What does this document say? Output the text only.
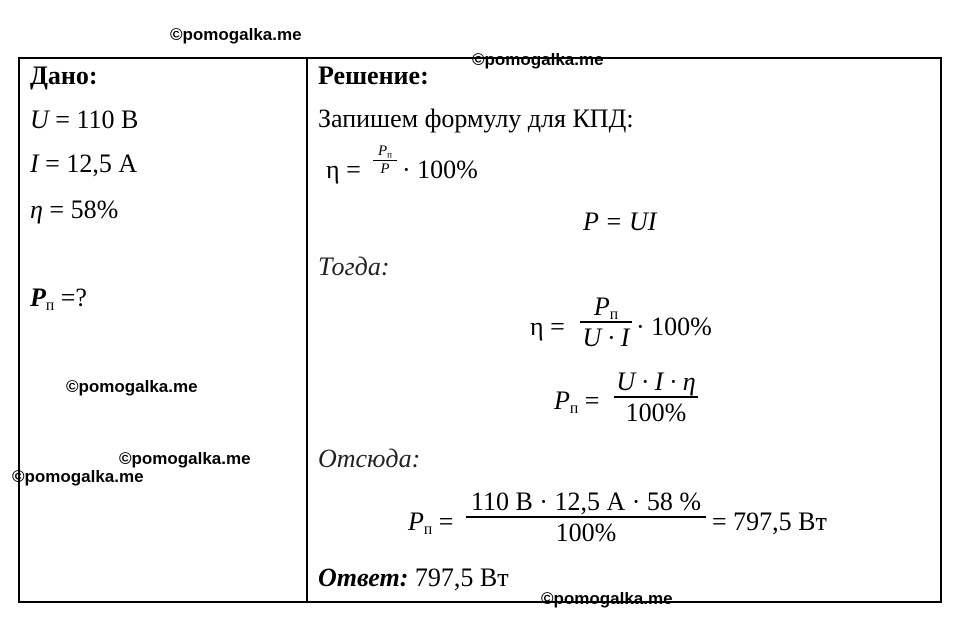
©pomogalka.me
©pomogalka.me
©pomogalka.me
©pomogalka.me
©pomogalka.me
©pomogalka.me
Дано:
U = 110 В
I = 12,5 А
η = 58%
$P_п$ =?
Решение:
Запишем формулу для КПД:
η =
$P_п$
P · 100%
P = UI
Тогда:
η =
$P_п$
U · I · 100%
$P_п$ =
U · I · η
100%
Отсюда:
$P_п$ =
110 В · 12,5 А · 58 %
100%	= 797,5 Вт
Ответ: 797,5 Вт
